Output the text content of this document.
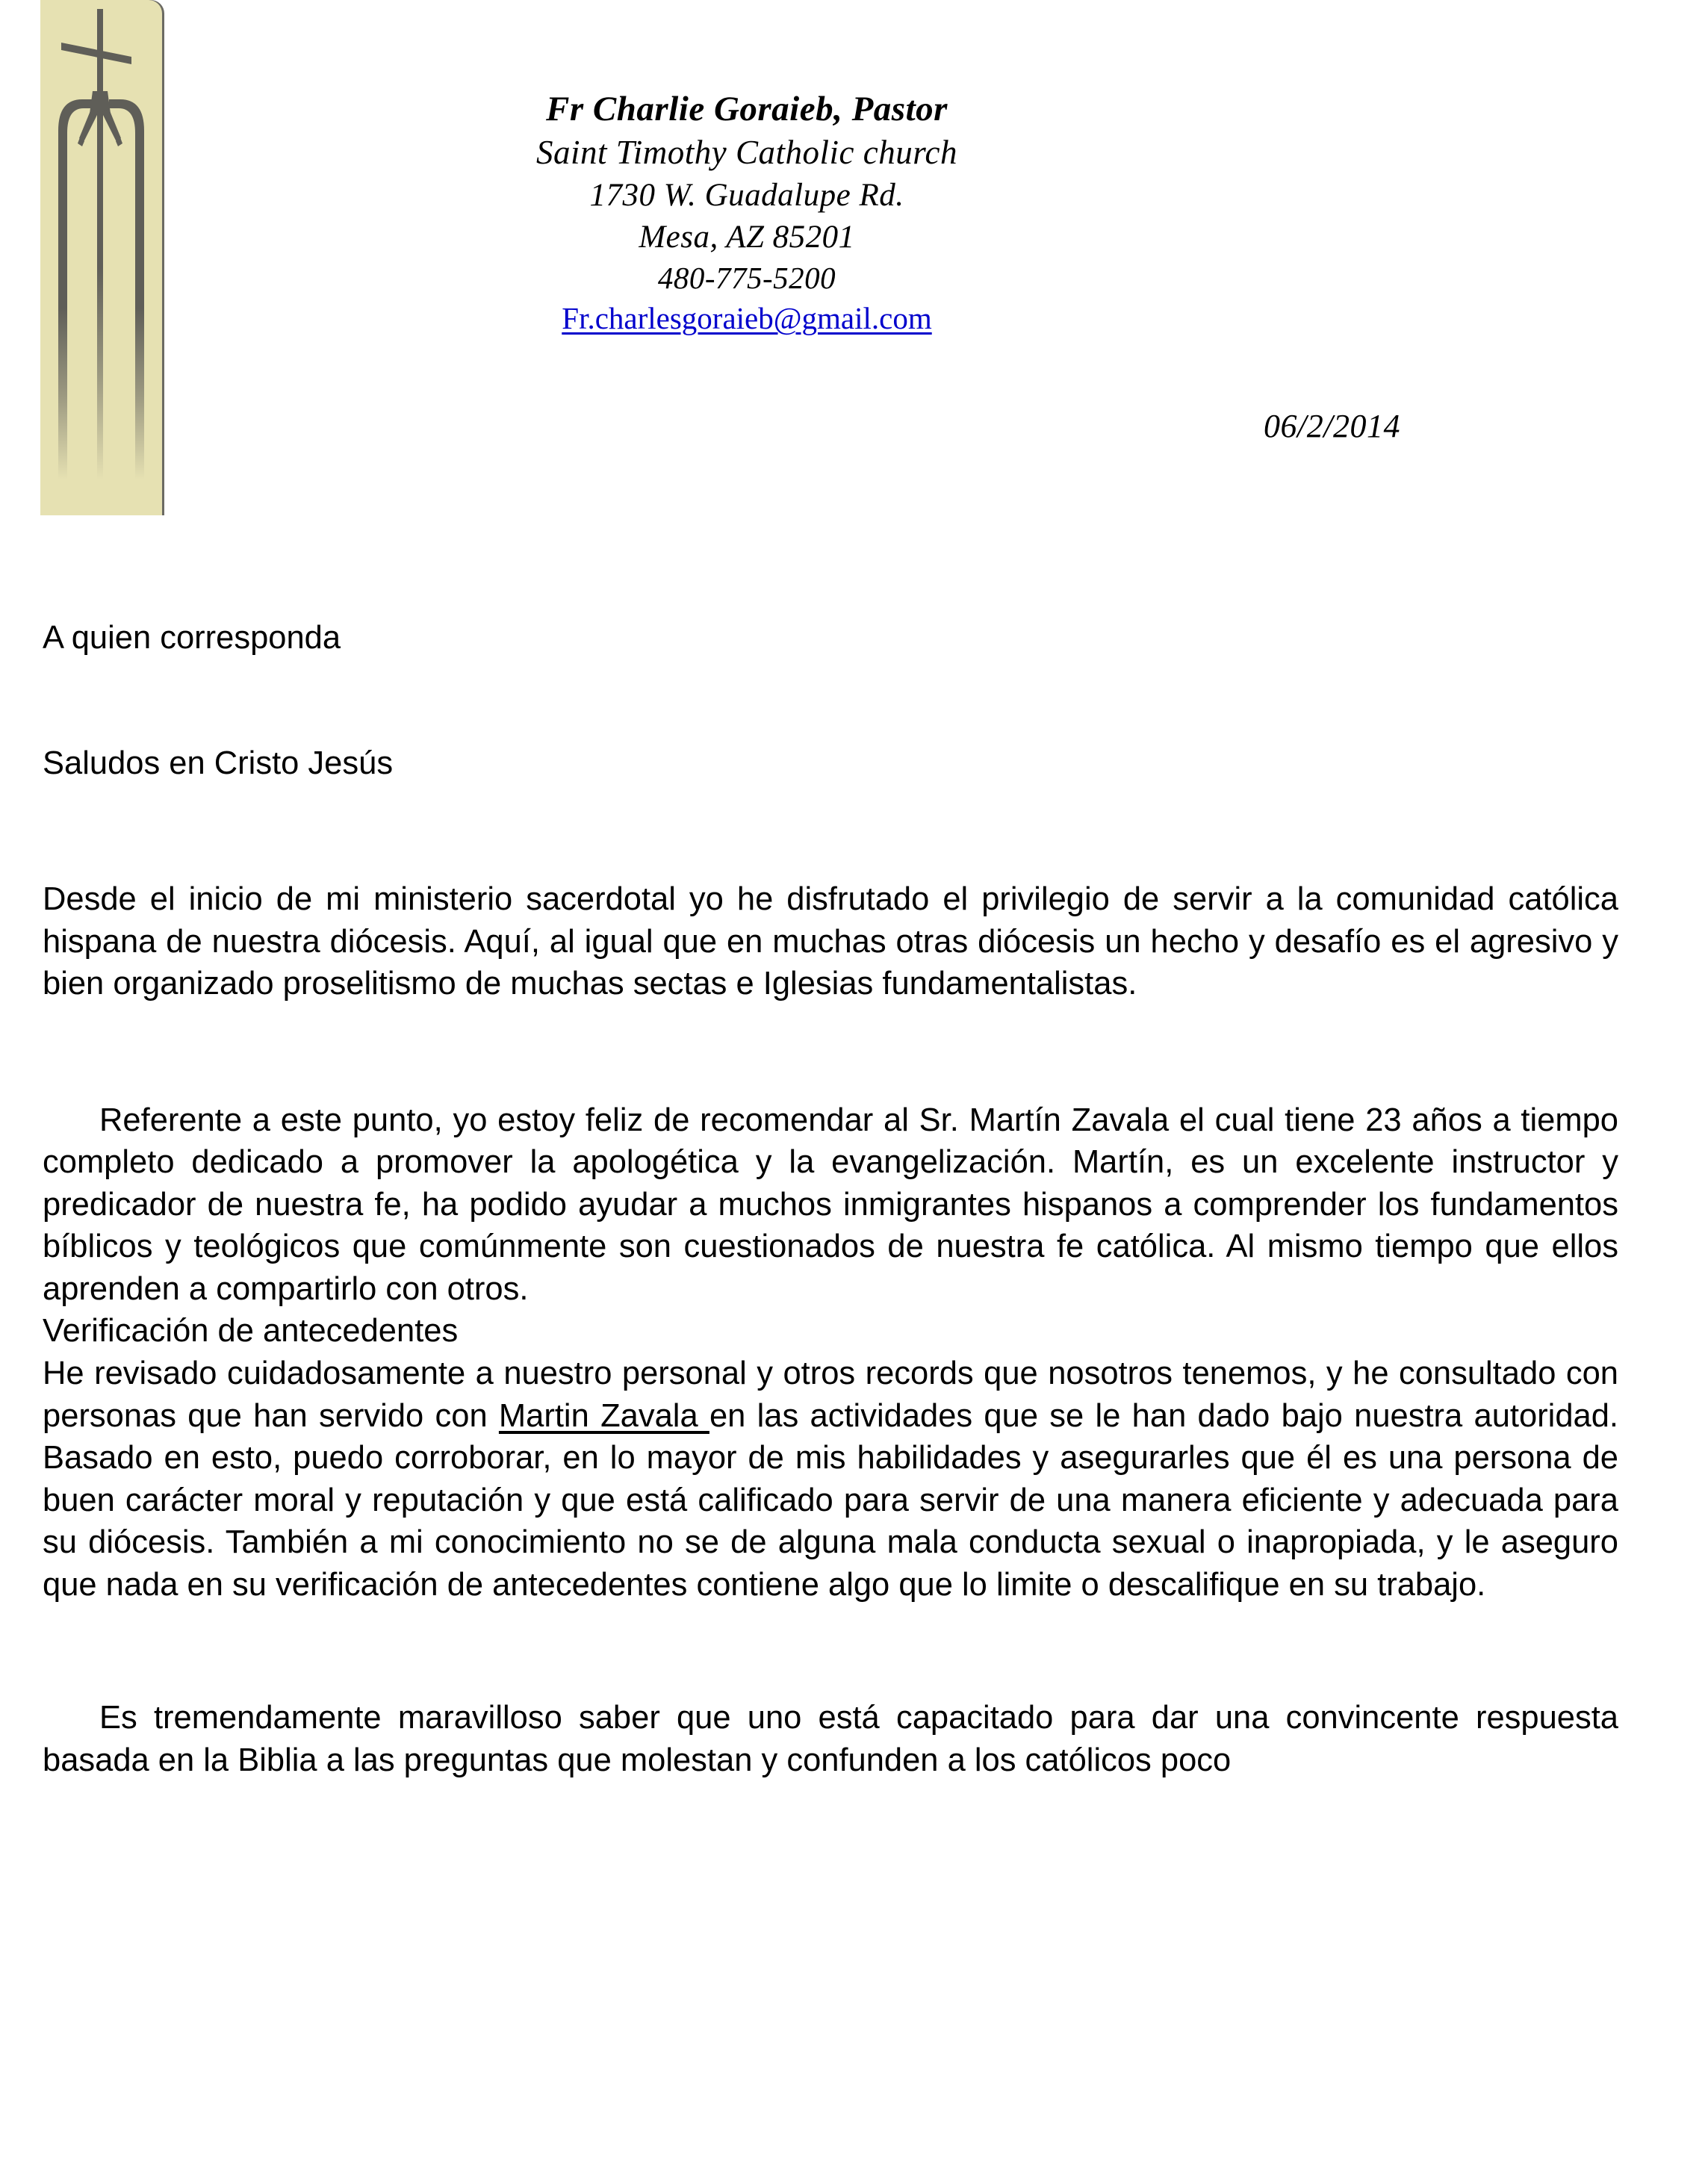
Fr Charlie Goraieb, Pastor
Saint Timothy Catholic church
1730 W. Guadalupe Rd.
Mesa, AZ 85201
480-775-5200
Fr.charlesgoraieb@gmail.com
06/2/2014

A quien corresponda

Saludos en Cristo Jesús

Desde el inicio de mi ministerio sacerdotal yo he disfrutado el privilegio de servir a la comunidad católica hispana de nuestra diócesis. Aquí, al igual que en muchas otras diócesis un hecho y desafío es el agresivo y bien organizado proselitismo de muchas sectas e Iglesias fundamentalistas.

Referente a este punto, yo estoy feliz de recomendar al Sr. Martín Zavala el cual tiene 23 años a tiempo completo dedicado a promover la apologética y la evangelización. Martín, es un excelente instructor y predicador de nuestra fe, ha podido ayudar a muchos inmigrantes hispanos a comprender los fundamentos bíblicos y teológicos que comúnmente son cuestionados de nuestra fe católica. Al mismo tiempo que ellos aprenden a compartirlo con otros.

Verificación de antecedentes

He revisado cuidadosamente a nuestro personal y otros records que nosotros tenemos, y he consultado con personas que han servido con Martin Zavala en las actividades que se le han dado bajo nuestra autoridad. Basado en esto, puedo corroborar, en lo mayor de mis habilidades y asegurarles que él es una persona de buen carácter moral y reputación y que está calificado para servir de una manera eficiente y adecuada para su diócesis. También a mi conocimiento no se de alguna mala conducta sexual o inapropiada, y le aseguro que nada en su verificación de antecedentes contiene algo que lo limite o descalifique en su trabajo.

Es tremendamente maravilloso saber que uno está capacitado para dar una convincente respuesta basada en la Biblia a las preguntas que molestan y confunden a los católicos poco
